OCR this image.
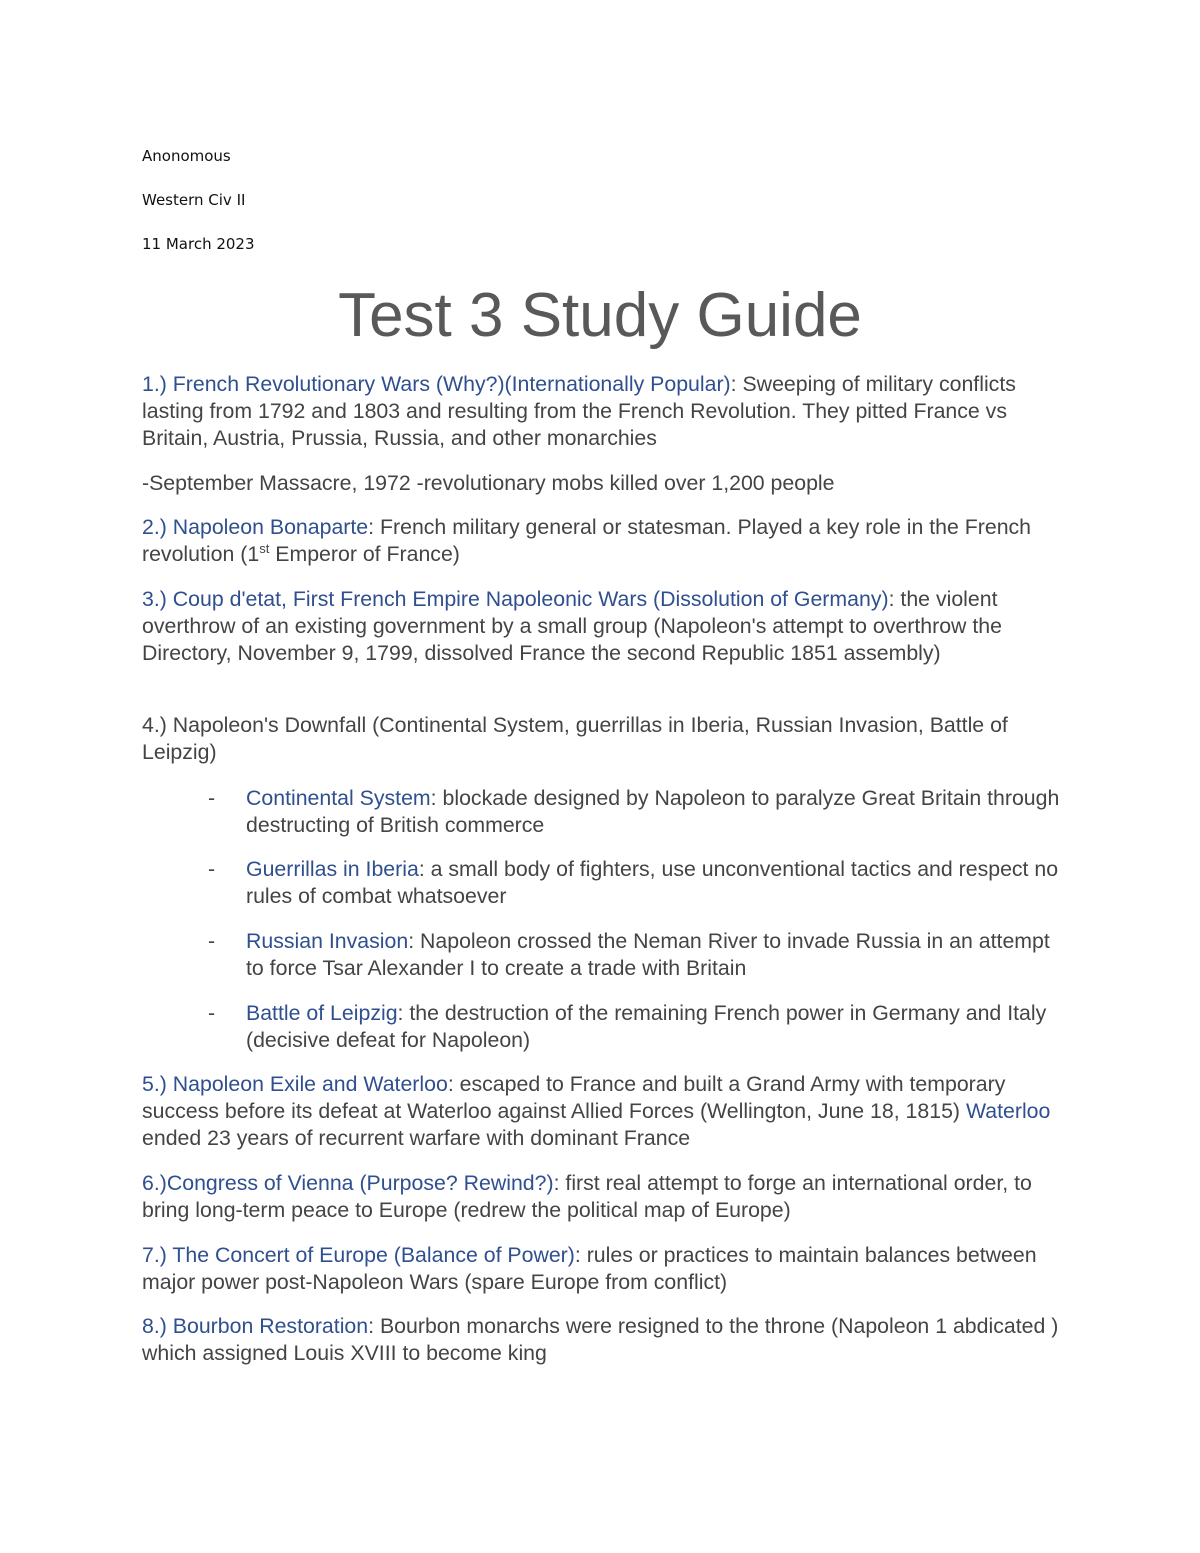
Anonomous
Western Civ II
11 March 2023
Test 3 Study Guide

1.) French Revolutionary Wars (Why?)(Internationally Popular): Sweeping of military conflicts lasting from 1792 and 1803 and resulting from the French Revolution. They pitted France vs Britain, Austria, Prussia, Russia, and other monarchies

-September Massacre, 1972 -revolutionary mobs killed over 1,200 people

2.) Napoleon Bonaparte: French military general or statesman. Played a key role in the French revolution (1st Emperor of France)

3.) Coup d'etat, First French Empire Napoleonic Wars (Dissolution of Germany): the violent overthrow of an existing government by a small group (Napoleon's attempt to overthrow the Directory, November 9, 1799, dissolved France the second Republic 1851 assembly)

4.) Napoleon's Downfall (Continental System, guerrillas in Iberia, Russian Invasion, Battle of Leipzig)

- Continental System: blockade designed by Napoleon to paralyze Great Britain through destructing of British commerce
- Guerrillas in Iberia: a small body of fighters, use unconventional tactics and respect no rules of combat whatsoever
- Russian Invasion: Napoleon crossed the Neman River to invade Russia in an attempt to force Tsar Alexander I to create a trade with Britain
- Battle of Leipzig: the destruction of the remaining French power in Germany and Italy (decisive defeat for Napoleon)

5.) Napoleon Exile and Waterloo: escaped to France and built a Grand Army with temporary success before its defeat at Waterloo against Allied Forces (Wellington, June 18, 1815) Waterloo ended 23 years of recurrent warfare with dominant France

6.)Congress of Vienna (Purpose? Rewind?): first real attempt to forge an international order, to bring long-term peace to Europe (redrew the political map of Europe)

7.) The Concert of Europe (Balance of Power): rules or practices to maintain balances between major power post-Napoleon Wars (spare Europe from conflict)

8.) Bourbon Restoration: Bourbon monarchs were resigned to the throne (Napoleon 1 abdicated ) which assigned Louis XVIII to become king
